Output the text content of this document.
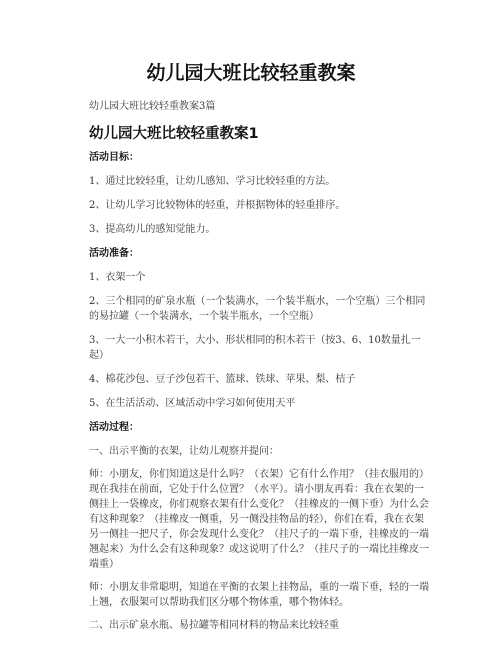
幼儿园大班比较轻重教案
幼儿园大班比较轻重教案3篇
幼儿园大班比较轻重教案1

活动目标：

1、通过比较轻重，让幼儿感知、学习比较轻重的方法。

2、让幼儿学习比较物体的轻重，并根据物体的轻重排序。

3、提高幼儿的感知觉能力。

活动准备：

1、衣架一个

2、三个相同的矿泉水瓶（一个装满水，一个装半瓶水，一个空瓶）三个相同的易拉罐（一个装满水，一个装半瓶水，一个空瓶）

3、一大一小积木若干，大小、形状相同的积木若干（按3、6、10数量扎一起）

4、棉花沙包、豆子沙包若干、篮球、铁球、苹果、梨、桔子

5、在生活活动、区域活动中学习如何使用天平

活动过程：

一、出示平衡的衣架，让幼儿观察并提问：

师：小朋友，你们知道这是什么吗？（衣架）它有什么作用？（挂衣服用的）现在我挂在前面，它处于什么位置？（水平）。请小朋友再看：我在衣架的一侧挂上一袋橡皮，你们观察衣架有什么变化？（挂橡皮的一侧下垂）为什么会有这种现象？（挂橡皮一侧重，另一侧没挂物品的轻），你们在看，我在衣架另一侧挂一把尺子，你会发现什么变化？（挂尺子的一端下垂，挂橡皮的一端翘起来）为什么会有这种现象？或这说明了什么？（挂尺子的一端比挂橡皮一端重）

师：小朋友非常聪明，知道在平衡的衣架上挂物品，重的一端下垂，轻的一端上翘，衣服架可以帮助我们区分哪个物体重，哪个物体轻。

二、出示矿泉水瓶、易拉罐等相同材料的物品来比较轻重
